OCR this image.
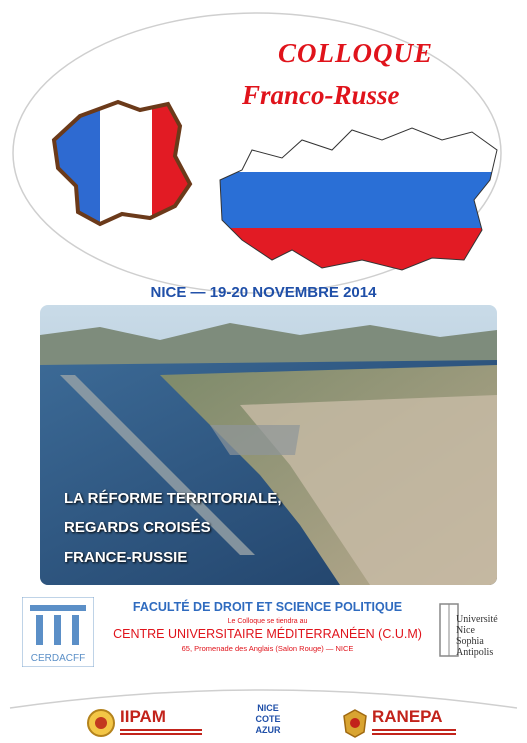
COLLOQUE
Franco-Russe
NICE — 19-20 NOVEMBRE 2014
LA RÉFORME TERRITORIALE,
REGARDS CROISÉS
FRANCE-RUSSIE
CERDACFF
FACULTÉ DE DROIT ET SCIENCE POLITIQUE
Le Colloque se tiendra au
CENTRE UNIVERSITAIRE MÉDITERRANÉEN (C.U.M)
65, Promenade des Anglais (Salon Rouge) — NICE
Université
Nice
Sophia Antipolis
IIPAM	NICE
COTE
AZUR
RANEPA
